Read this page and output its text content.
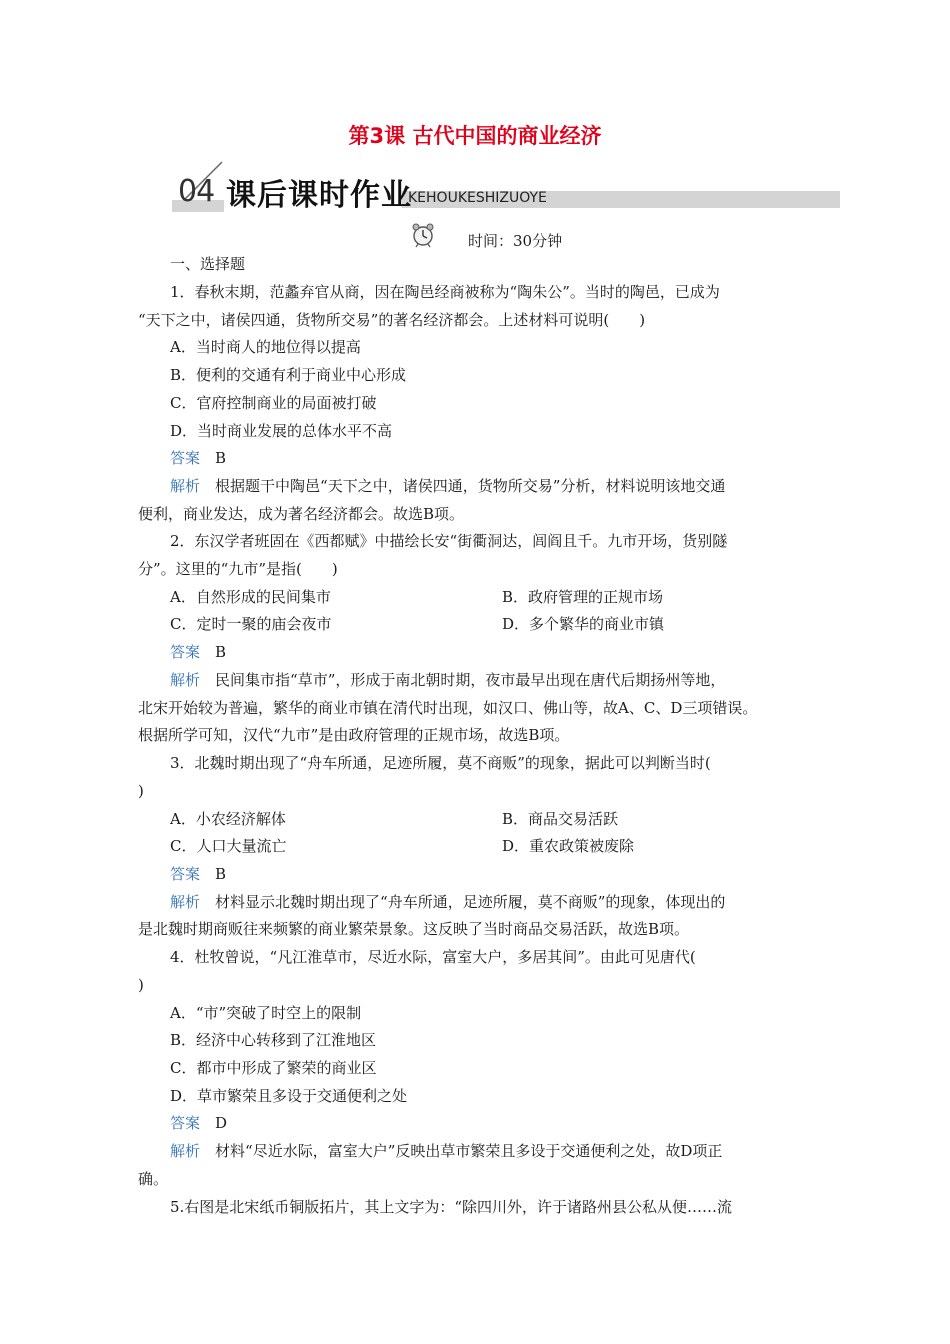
第3课 古代中国的商业经济
04 课后课时作业
KEHOUKESHIZUOYE
时间：30分钟
一、选择题
1．春秋末期，范蠡弃官从商，因在陶邑经商被称为“陶朱公”。当时的陶邑，已成为
“天下之中，诸侯四通，货物所交易”的著名经济都会。上述材料可说明(　　)
A．当时商人的地位得以提高
B．便利的交通有利于商业中心形成
C．官府控制商业的局面被打破
D．当时商业发展的总体水平不高
答案　 B
解析　 根据题干中陶邑“天下之中，诸侯四通，货物所交易”分析，材料说明该地交通
便利，商业发达，成为著名经济都会。故选B项。
2．东汉学者班固在《西都赋》中描绘长安“街衢洞达，闾阎且千。九市开场，货别隧
分”。这里的“九市”是指(　　)
A．自然形成的民间集市	B．政府管理的正规市场
C．定时一聚的庙会夜市	D．多个繁华的商业市镇
答案　 B
解析　 民间集市指“草市”，形成于南北朝时期，夜市最早出现在唐代后期扬州等地，
北宋开始较为普遍，繁华的商业市镇在清代时出现，如汉口、佛山等，故A、C、D三项错误。
根据所学可知，汉代“九市”是由政府管理的正规市场，故选B项。
3．北魏时期出现了“舟车所通，足迹所履，莫不商贩”的现象，据此可以判断当时(
)
A．小农经济解体	B．商品交易活跃
C．人口大量流亡	D．重农政策被废除
答案　 B
解析　 材料显示北魏时期出现了“舟车所通，足迹所履，莫不商贩”的现象，体现出的
是北魏时期商贩往来频繁的商业繁荣景象。这反映了当时商品交易活跃，故选B项。
4．杜牧曾说，“凡江淮草市，尽近水际，富室大户，多居其间”。由此可见唐代(
)
A．“市”突破了时空上的限制
B．经济中心转移到了江淮地区
C．都市中形成了繁荣的商业区
D．草市繁荣且多设于交通便利之处
答案　 D
解析　 材料“尽近水际，富室大户”反映出草市繁荣且多设于交通便利之处，故D项正
确。
5.右图是北宋纸币铜版拓片，其上文字为：“除四川外，许于诸路州县公私从便……流
